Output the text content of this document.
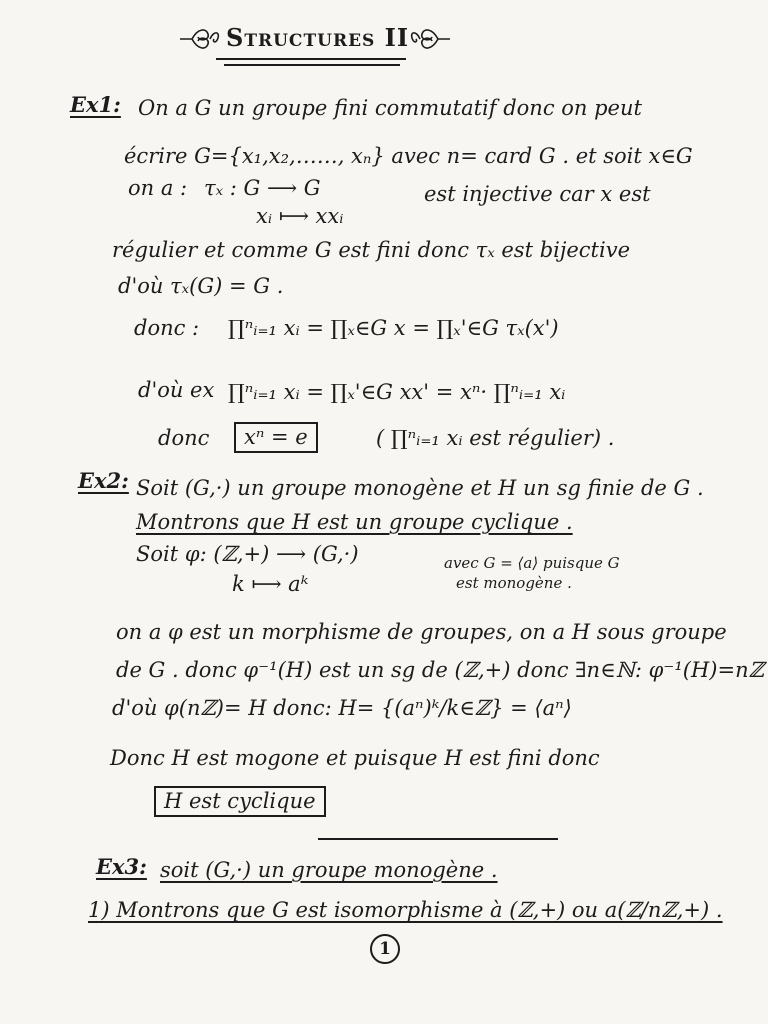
Structures II
Ex1: On a G un groupe fini commutatif donc on peut
écrire G={x₁,x₂,……, xₙ} avec n= card G . et soit x∈G
on a : τₓ : G ⟶ G	est injective car x est
xᵢ ⟼ xxᵢ
régulier et comme G est fini donc τₓ est bijective
d'où τₓ(G) = G .
donc : ∏ⁿᵢ₌₁ xᵢ = ∏ₓ∈G x = ∏ₓ'∈G τₓ(x')
d'où ex ∏ⁿᵢ₌₁ xᵢ = ∏ₓ'∈G xx' = xⁿ· ∏ⁿᵢ₌₁ xᵢ
donc	xⁿ = e	( ∏ⁿᵢ₌₁ xᵢ est régulier) .
Ex2: Soit (G,·) un groupe monogène et H un sg finie de G .
Montrons que H est un groupe cyclique .
Soit φ: (ℤ,+) ⟶ (G,·)	avec G = ⟨a⟩ puisque G
k ⟼ aᵏ	est monogène .
on a φ est un morphisme de groupes, on a H sous groupe
de G . donc φ⁻¹(H) est un sg de (ℤ,+) donc ∃n∈ℕ: φ⁻¹(H)=nℤ
d'où φ(nℤ)= H donc: H= {(aⁿ)ᵏ/k∈ℤ} = ⟨aⁿ⟩
Donc H est mogone et puisque H est fini donc
H est cyclique
Ex3: soit (G,·) un groupe monogène .
1) Montrons que G est isomorphisme à (ℤ,+) ou a(ℤ/nℤ,+) .
1
